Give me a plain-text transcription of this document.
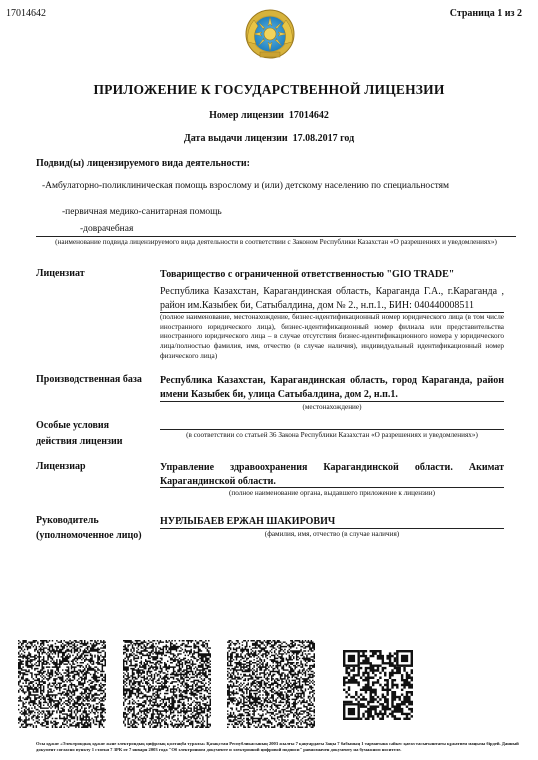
17014642	Страница 1 из 2
ПРИЛОЖЕНИЕ К ГОСУДАРСТВЕННОЙ ЛИЦЕНЗИИ
Номер лицензии 17014642
Дата выдачи лицензии 17.08.2017 год
Подвид(ы) лицензируемого вида деятельности:
-Амбулаторно-поликлиническая помощь взрослому и (или) детскому населению по специальностям
-первичная медико-санитарная помощь
-доврачебная
(наименование подвида лицензируемого вида деятельности в соответствии с Законом Республики Казахстан «О разрешениях и уведомлениях»)
Лицензиат	Товарищество с ограниченной ответственностью "GIO TRADE"
Республика Казахстан, Карагандинская область, Караганда Г.А., г.Караганда , район им.Казыбек би, Сатыбалдина, дом № 2., н.п.1., БИН: 040440008511
(полное наименование, местонахождение, бизнес-идентификационный номер юридического лица (в том числе иностранного юридического лица), бизнес-идентификационный номер филиала или представительства иностранного юридического лица – в случае отсутствия бизнес-идентификационного номера у юридического лица/полностью фамилия, имя, отчество (в случае наличия), индивидуальный идентификационный номер физического лица)
Производственная база Республика Казахстан, Карагандинская область, город Караганда, район имени Казыбек би, улица Сатыбалдина, дом 2, н.п.1.
(местонахождение)
Особые условия
действия лицензии
(в соответствии со статьей 36 Закона Республики Казахстан «О разрешениях и уведомлениях»)
Лицензиар	Управление здравоохранения Карагандинской области. Акимат Карагандинской области.
(полное наименование органа, выдавшего приложение к лицензии)
Руководитель
(уполномоченное лицо)
НУРЛЫБАЕВ ЕРЖАН ШАКИРОВИЧ
(фамилия, имя, отчество (в случае наличия)
Осы құжат «Электрондық құжат және электрондық цифрлық қолтаңба туралы» Қазақстан Республикасының 2003 жылғы 7 қаңтардағы Заңы 7 бабының 1 тармағына сәйкес қағаз тасығыштағы құжатпен маңызы бірдей. Данный документ согласно пункту 1 статьи 7 ЗРК от 7 января 2003 года "Об электронном документе и электронной цифровой подписи" равнозначен документу на бумажном носителе.
